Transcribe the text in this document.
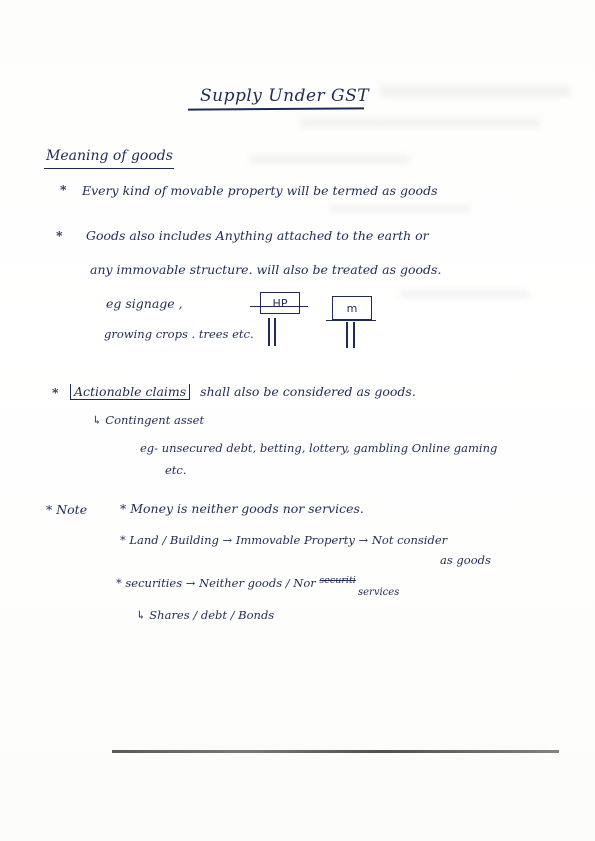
Supply Under GST
Meaning of goods
* Every kind of movable property will be termed as goods
* Goods also includes Anything attached to the earth or
any immovable structure. will also be treated as goods.
eg signage ,
growing crops . trees etc.
HP	m
*	Actionable claims shall also be considered as goods.
↳ Contingent asset
eg- unsecured debt, betting, lottery, gambling Online gaming
etc.
* Note	* Money is neither goods nor services.
* Land / Building → Immovable Property → Not consider
as goods
* securities → Neither goods / Nor $^{securiti}$
services
↳ Shares / debt / Bonds
